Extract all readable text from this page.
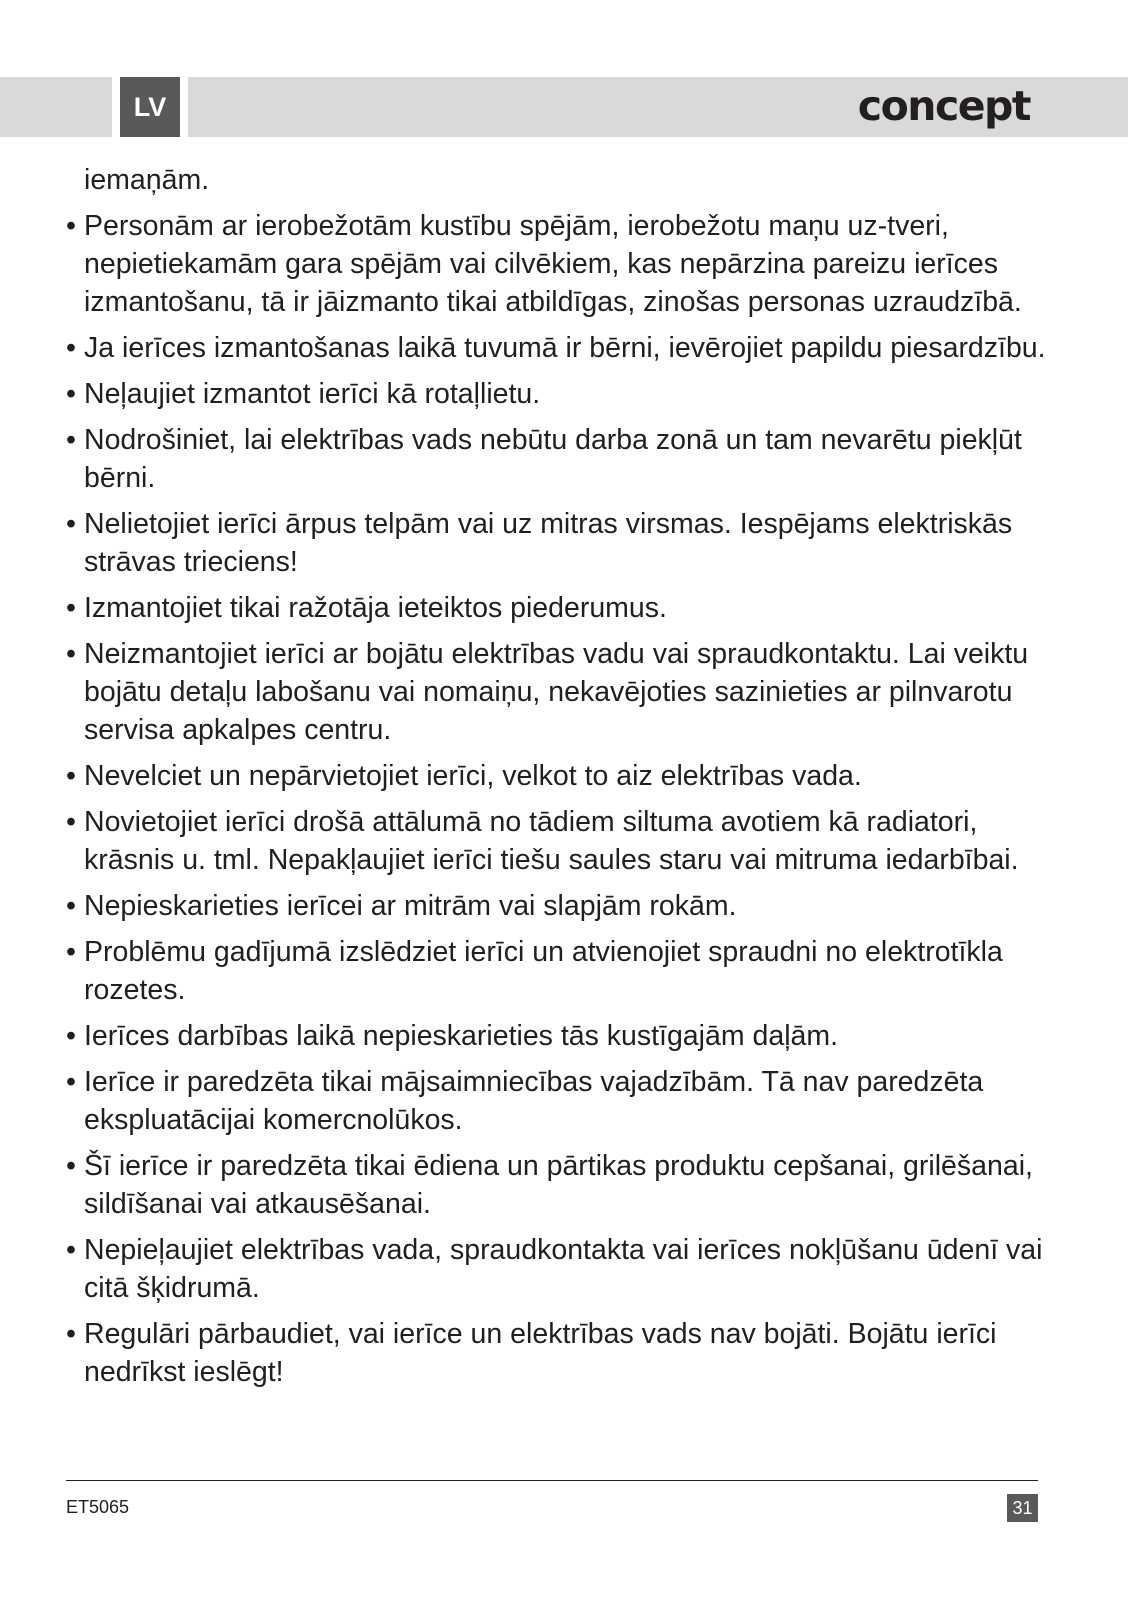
LV	concept
iemaņām.
• Personām ar ierobežotām kustību spējām, ierobežotu maņu uz-tveri, nepietiekamām gara spējām vai cilvēkiem, kas nepārzina pareizu ierīces izmantošanu, tā ir jāizmanto tikai atbildīgas, zinošas personas uzraudzībā.
• Ja ierīces izmantošanas laikā tuvumā ir bērni, ievērojiet papildu piesardzību.
• Neļaujiet izmantot ierīci kā rotaļlietu.
• Nodrošiniet, lai elektrības vads nebūtu darba zonā un tam nevarētu piekļūt bērni.
• Nelietojiet ierīci ārpus telpām vai uz mitras virsmas. Iespējams elektriskās strāvas trieciens!
• Izmantojiet tikai ražotāja ieteiktos piederumus.
• Neizmantojiet ierīci ar bojātu elektrības vadu vai spraudkontaktu. Lai veiktu bojātu detaļu labošanu vai nomaiņu, nekavējoties sazinieties ar pilnvarotu servisa apkalpes centru.
• Nevelciet un nepārvietojiet ierīci, velkot to aiz elektrības vada.
• Novietojiet ierīci drošā attālumā no tādiem siltuma avotiem kā radiatori, krāsnis u. tml. Nepakļaujiet ierīci tiešu saules staru vai mitruma iedarbībai.
• Nepieskarieties ierīcei ar mitrām vai slapjām rokām.
• Problēmu gadījumā izslēdziet ierīci un atvienojiet spraudni no elektrotīkla rozetes.
• Ierīces darbības laikā nepieskarieties tās kustīgajām daļām.
• Ierīce ir paredzēta tikai mājsaimniecības vajadzībām. Tā nav paredzēta ekspluatācijai komercnolūkos.
• Šī ierīce ir paredzēta tikai ēdiena un pārtikas produktu cepšanai, grilēšanai, sildīšanai vai atkausēšanai.
• Nepieļaujiet elektrības vada, spraudkontakta vai ierīces nokļūšanu ūdenī vai citā šķidrumā.
• Regulāri pārbaudiet, vai ierīce un elektrības vads nav bojāti. Bojātu ierīci nedrīkst ieslēgt!
ET5065	31
